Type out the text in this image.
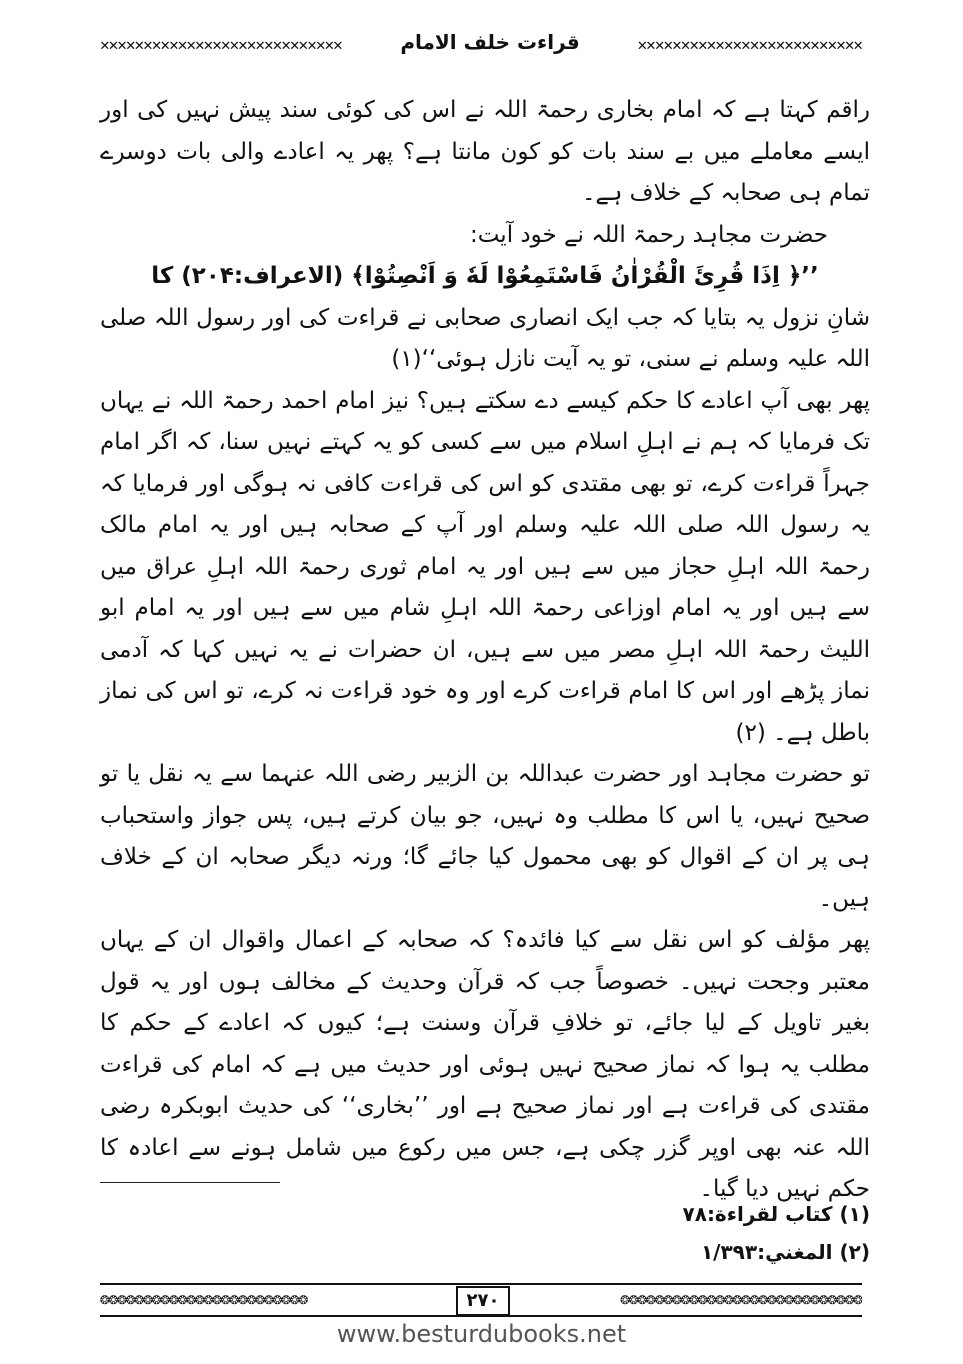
✕✕✕✕✕✕✕✕✕✕✕✕✕✕✕✕✕✕✕✕✕✕✕✕✕✕✕✕	قراءت خلف الامام	✕✕✕✕✕✕✕✕✕✕✕✕✕✕✕✕✕✕✕✕✕✕✕✕✕✕

راقم کہتا ہے کہ امام بخاری رحمۃ اللہ نے اس کی کوئی سند پیش نہیں کی اور ایسے معاملے میں بے سند بات کو کون مانتا ہے؟ پھر یہ اعادے والی بات دوسرے تمام ہی صحابہ کے خلاف ہے۔

حضرت مجاہد رحمۃ اللہ نے خود آیت:

’’﴿ اِذَا قُرِئَ الْقُرْاٰنُ فَاسْتَمِعُوْا لَهٗ وَ اَنْصِتُوْا﴾ (الاعراف:۲۰۴) کا

شانِ نزول یہ بتایا کہ جب ایک انصاری صحابی نے قراءت کی اور رسول اللہ صلی اللہ علیہ وسلم نے سنی، تو یہ آیت نازل ہوئی‘‘(۱)

پھر بھی آپ اعادے کا حکم کیسے دے سکتے ہیں؟ نیز امام احمد رحمۃ اللہ نے یہاں تک فرمایا کہ ہم نے اہلِ اسلام میں سے کسی کو یہ کہتے نہیں سنا، کہ اگر امام جہراً قراءت کرے، تو بھی مقتدی کو اس کی قراءت کافی نہ ہوگی اور فرمایا کہ یہ رسول اللہ صلی اللہ علیہ وسلم اور آپ کے صحابہ ہیں اور یہ امام مالک رحمۃ اللہ اہلِ حجاز میں سے ہیں اور یہ امام ثوری رحمۃ اللہ اہلِ عراق میں سے ہیں اور یہ امام اوزاعی رحمۃ اللہ اہلِ شام میں سے ہیں اور یہ امام ابو اللیث رحمۃ اللہ اہلِ مصر میں سے ہیں، ان حضرات نے یہ نہیں کہا کہ آدمی نماز پڑھے اور اس کا امام قراءت کرے اور وہ خود قراءت نہ کرے، تو اس کی نماز باطل ہے۔ (۲)

تو حضرت مجاہد اور حضرت عبداللہ بن الزبیر رضی اللہ عنہما سے یہ نقل یا تو صحیح نہیں، یا اس کا مطلب وہ نہیں، جو بیان کرتے ہیں، پس جواز واستحباب ہی پر ان کے اقوال کو بھی محمول کیا جائے گا؛ ورنہ دیگر صحابہ ان کے خلاف ہیں۔

پھر مؤلف کو اس نقل سے کیا فائدہ؟ کہ صحابہ کے اعمال واقوال ان کے یہاں معتبر وجحت نہیں۔ خصوصاً جب کہ قرآن وحدیث کے مخالف ہوں اور یہ قول بغیر تاویل کے لیا جائے، تو خلافِ قرآن وسنت ہے؛ کیوں کہ اعادے کے حکم کا مطلب یہ ہوا کہ نماز صحیح نہیں ہوئی اور حدیث میں ہے کہ امام کی قراءت مقتدی کی قراءت ہے اور نماز صحیح ہے اور ’’بخاری‘‘ کی حدیث ابوبکرہ رضی اللہ عنہ بھی اوپر گزر چکی ہے، جس میں رکوع میں شامل ہونے سے اعادہ کا حکم نہیں دیا گیا۔

(۱) کتاب لقراءة:۷۸
(۲) المغني:۱/۳۹۳
❂❂❂❂❂❂❂❂❂❂❂❂❂❂❂❂❂❂❂❂❂❂❂❂	۲۷۰	❂❂❂❂❂❂❂❂❂❂❂❂❂❂❂❂❂❂❂❂❂❂❂❂❂❂❂❂
www.besturdubooks.net
